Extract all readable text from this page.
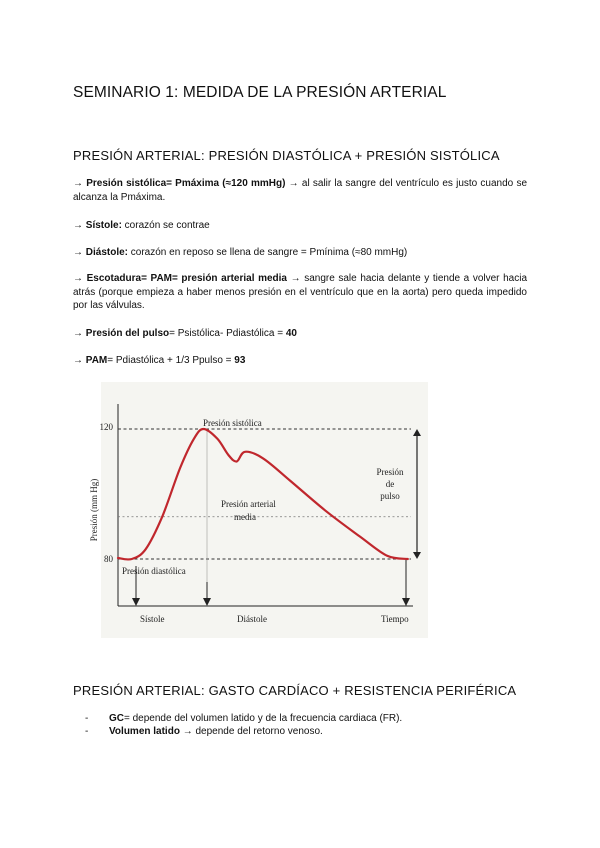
SEMINARIO 1: MEDIDA DE LA PRESIÓN ARTERIAL
PRESIÓN ARTERIAL: PRESIÓN DIASTÓLICA + PRESIÓN SISTÓLICA
→ Presión sistólica= Pmáxima (≈120 mmHg) → al salir la sangre del ventrículo es justo cuando se alcanza la Pmáxima.
→ Sístole: corazón se contrae
→ Diástole: corazón en reposo se llena de sangre = Pmínima (≈80 mmHg)
→ Escotadura= PAM= presión arterial media → sangre sale hacia delante y tiende a volver hacia atrás (porque empieza a haber menos presión en el ventrículo que en la aorta) pero queda impedido por las válvulas.
→ Presión del pulso= Psistólica- Pdiastólica = 40
→ PAM= Pdiastólica + 1/3 Ppulso = 93
120
80
Presión (mm Hg)
Presión sistólica
Presión arterial
media
Presión diastólica
Presión
de
pulso
Sístole	Diástole	Tiempo
PRESIÓN ARTERIAL: GASTO CARDÍACO + RESISTENCIA PERIFÉRICA
- GC= depende del volumen latido y de la frecuencia cardiaca (FR).
- Volumen latido → depende del retorno venoso.
